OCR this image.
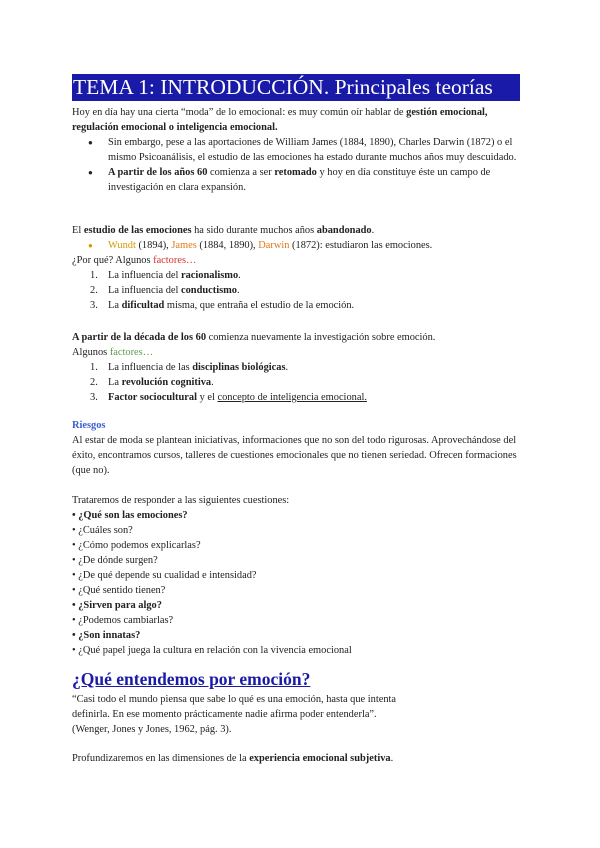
TEMA 1: INTRODUCCIÓN. Principales teorías

Hoy en día hay una cierta “moda” de lo emocional: es muy común oír hablar de gestión emocional, regulación emocional o inteligencia emocional.

● Sin embargo, pese a las aportaciones de William James (1884, 1890), Charles Darwin (1872) o el mismo Psicoanálisis, el estudio de las emociones ha estado durante muchos años muy descuidado.
● A partir de los años 60 comienza a ser retomado y hoy en día constituye éste un campo de investigación en clara expansión.

El estudio de las emociones ha sido durante muchos años abandonado.

● Wundt (1894), James (1884, 1890), Darwin (1872): estudiaron las emociones.

¿Por qué? Algunos factores…

1. La influencia del racionalismo.
2. La influencia del conductismo.
3. La dificultad misma, que entraña el estudio de la emoción.

A partir de la década de los 60 comienza nuevamente la investigación sobre emoción.

Algunos factores…

1. La influencia de las disciplinas biológicas.
2. La revolución cognitiva.
3. Factor sociocultural y el concepto de inteligencia emocional.

Riesgos

Al estar de moda se plantean iniciativas, informaciones que no son del todo rigurosas. Aprovechándose del éxito, encontramos cursos, talleres de cuestiones emocionales que no tienen seriedad. Ofrecen formaciones (que no).

Trataremos de responder a las siguientes cuestiones:

• ¿Qué son las emociones?

• ¿Cuáles son?

• ¿Cómo podemos explicarlas?

• ¿De dónde surgen?

• ¿De qué depende su cualidad e intensidad?

• ¿Qué sentido tienen?

• ¿Sirven para algo?

• ¿Podemos cambiarlas?

• ¿Son innatas?

• ¿Qué papel juega la cultura en relación con la vivencia emocional

¿Qué entendemos por emoción?

“Casi todo el mundo piensa que sabe lo qué es una emoción, hasta que intenta

definirla. En ese momento prácticamente nadie afirma poder entenderla”.

(Wenger, Jones y Jones, 1962, pág. 3).

Profundizaremos en las dimensiones de la experiencia emocional subjetiva.
